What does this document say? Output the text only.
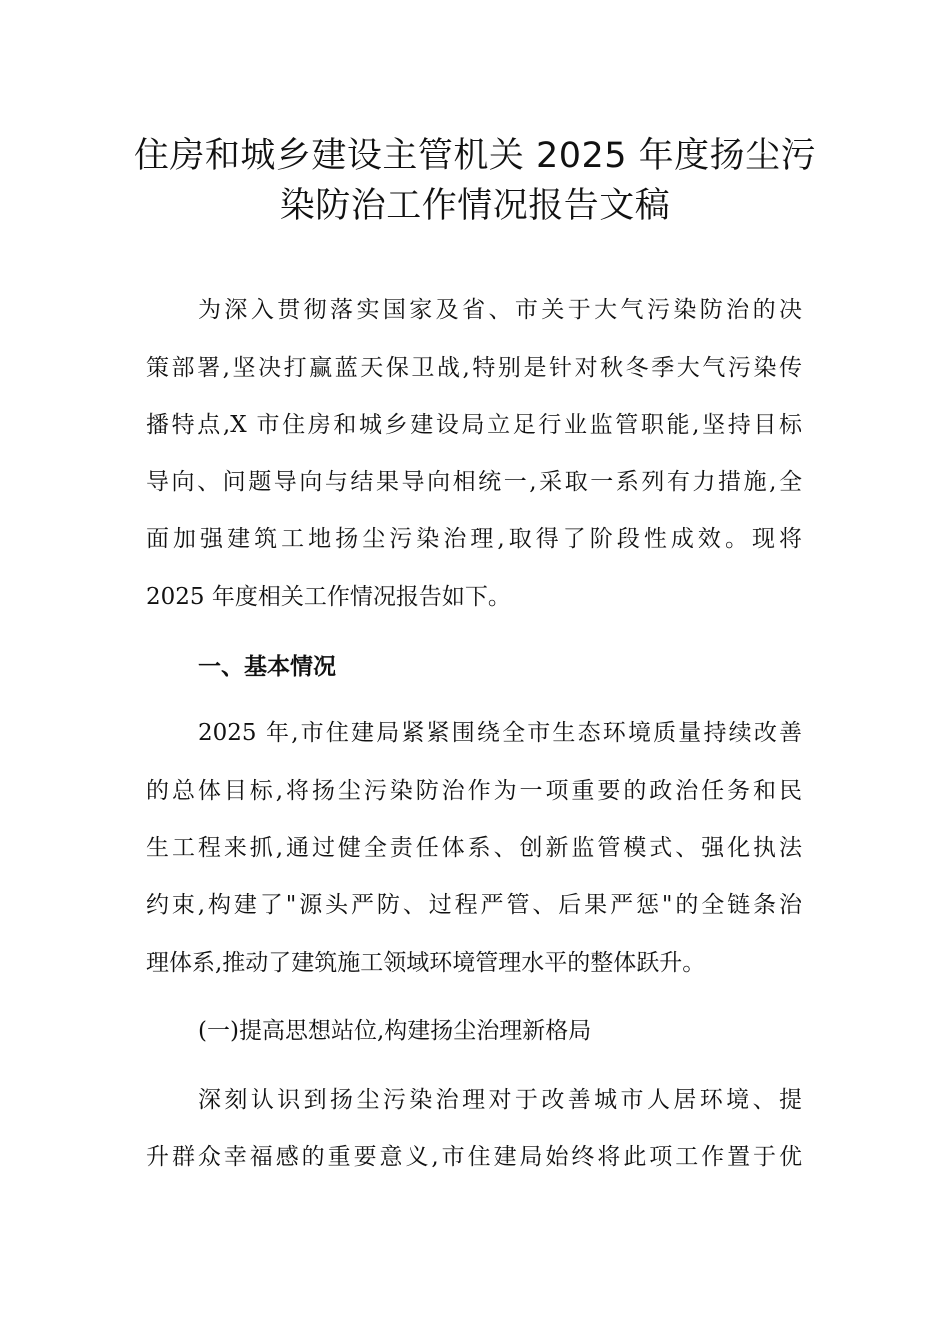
住房和城乡建设主管机关 2025 年度扬尘污
染防治工作情况报告文稿
为深入贯彻落实国家及省、市关于大气污染防治的决
策部署,坚决打赢蓝天保卫战,特别是针对秋冬季大气污染传
播特点,X 市住房和城乡建设局立足行业监管职能,坚持目标
导向、问题导向与结果导向相统一,采取一系列有力措施,全
面加强建筑工地扬尘污染治理,取得了阶段性成效。现将
2025 年度相关工作情况报告如下。
一、基本情况
2025 年,市住建局紧紧围绕全市生态环境质量持续改善
的总体目标,将扬尘污染防治作为一项重要的政治任务和民
生工程来抓,通过健全责任体系、创新监管模式、强化执法
约束,构建了"源头严防、过程严管、后果严惩"的全链条治
理体系,推动了建筑施工领域环境管理水平的整体跃升。
(一)提高思想站位,构建扬尘治理新格局
深刻认识到扬尘污染治理对于改善城市人居环境、提
升群众幸福感的重要意义,市住建局始终将此项工作置于优
